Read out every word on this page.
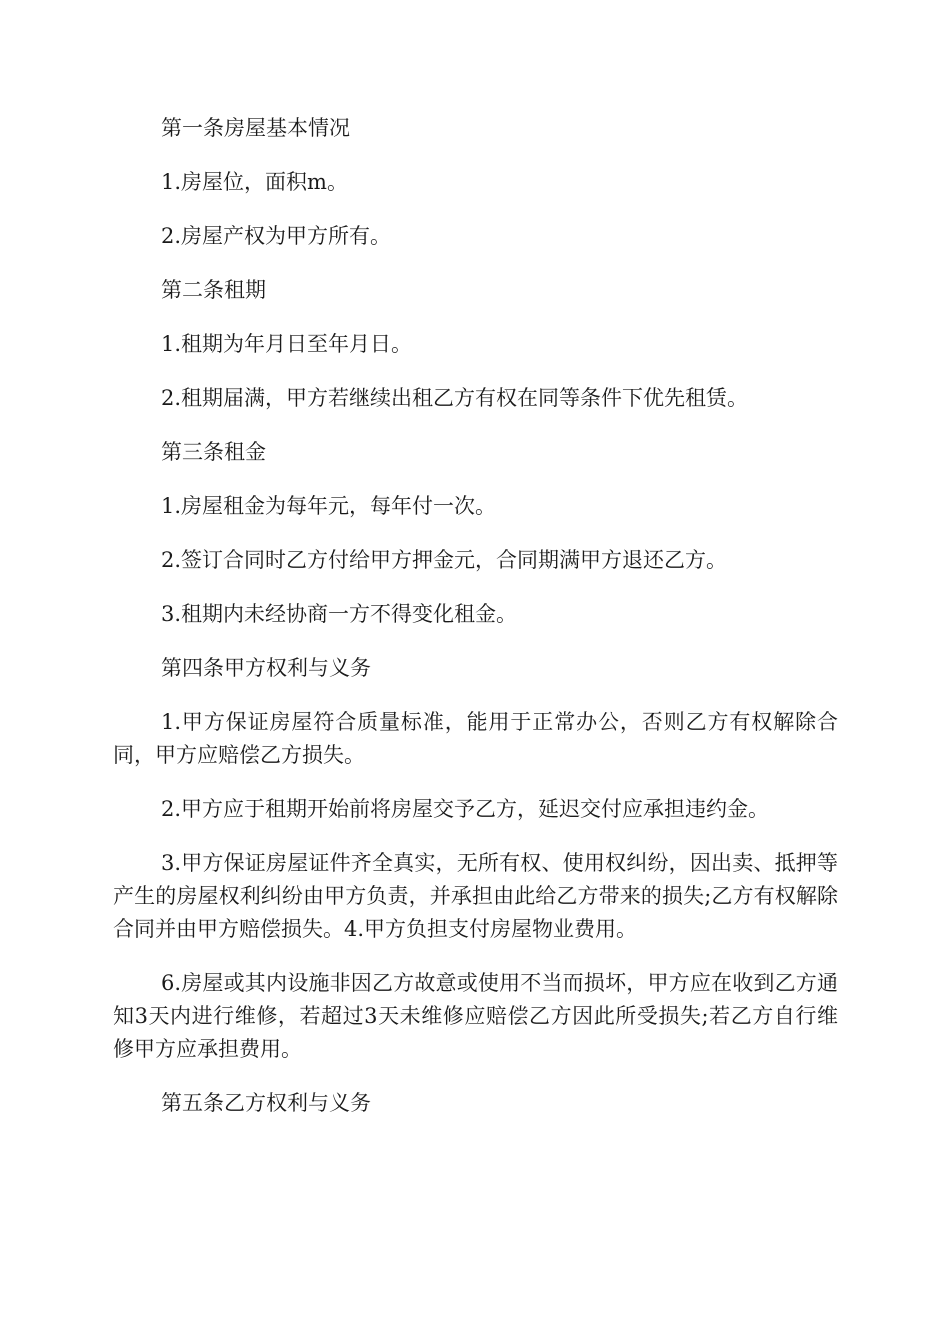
第一条房屋基本情况

1.房屋位，面积m。

2.房屋产权为甲方所有。

第二条租期

1.租期为年月日至年月日。

2.租期届满，甲方若继续出租乙方有权在同等条件下优先租赁。

第三条租金

1.房屋租金为每年元，每年付一次。

2.签订合同时乙方付给甲方押金元，合同期满甲方退还乙方。

3.租期内未经协商一方不得变化租金。

第四条甲方权利与义务

1.甲方保证房屋符合质量标准，能用于正常办公，否则乙方有权解除合同，甲方应赔偿乙方损失。

2.甲方应于租期开始前将房屋交予乙方，延迟交付应承担违约金。

3.甲方保证房屋证件齐全真实，无所有权、使用权纠纷，因出卖、抵押等产生的房屋权利纠纷由甲方负责，并承担由此给乙方带来的损失;乙方有权解除合同并由甲方赔偿损失。4.甲方负担支付房屋物业费用。

6.房屋或其内设施非因乙方故意或使用不当而损坏，甲方应在收到乙方通知3天内进行维修，若超过3天未维修应赔偿乙方因此所受损失;若乙方自行维修甲方应承担费用。

第五条乙方权利与义务
